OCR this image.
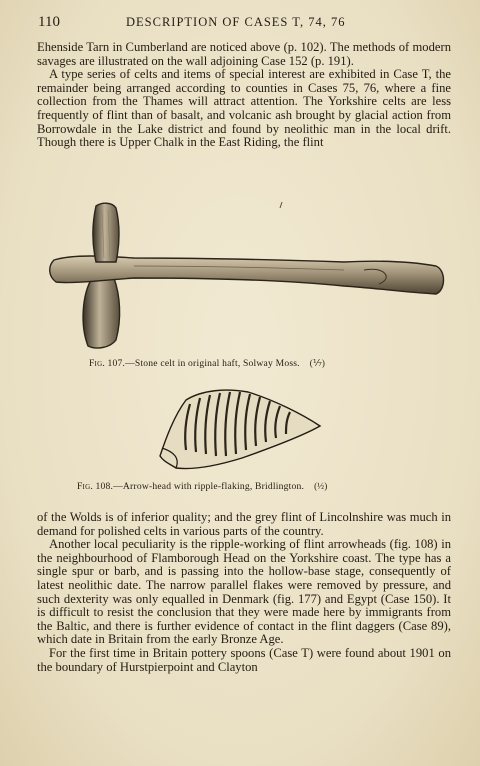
110	DESCRIPTION OF CASES T, 74, 76

Ehenside Tarn in Cumberland are noticed above (p. 102). The methods of modern savages are illustrated on the wall adjoining Case 152 (p. 191).

A type series of celts and items of special interest are exhibited in Case T, the remainder being arranged according to counties in Cases 75, 76, where a fine collection from the Thames will attract attention. The Yorkshire celts are less frequently of flint than of basalt, and volcanic ash brought by glacial action from Borrowdale in the Lake district and found by neolithic man in the local drift. Though there is Upper Chalk in the East Riding, the flint

Fig. 107.—Stone celt in original haft, Solway Moss. (⅐)
Fig. 108.—Arrow-head with ripple-flaking, Bridlington. (½)

of the Wolds is of inferior quality; and the grey flint of Lincolnshire was much in demand for polished celts in various parts of the country.

Another local peculiarity is the ripple-working of flint arrowheads (fig. 108) in the neighbourhood of Flamborough Head on the Yorkshire coast. The type has a single spur or barb, and is passing into the hollow-base stage, consequently of latest neolithic date. The narrow parallel flakes were removed by pressure, and such dexterity was only equalled in Denmark (fig. 177) and Egypt (Case 150). It is difficult to resist the conclusion that they were made here by immigrants from the Baltic, and there is further evidence of contact in the flint daggers (Case 89), which date in Britain from the early Bronze Age.

For the first time in Britain pottery spoons (Case T) were found about 1901 on the boundary of Hurstpierpoint and Clayton
